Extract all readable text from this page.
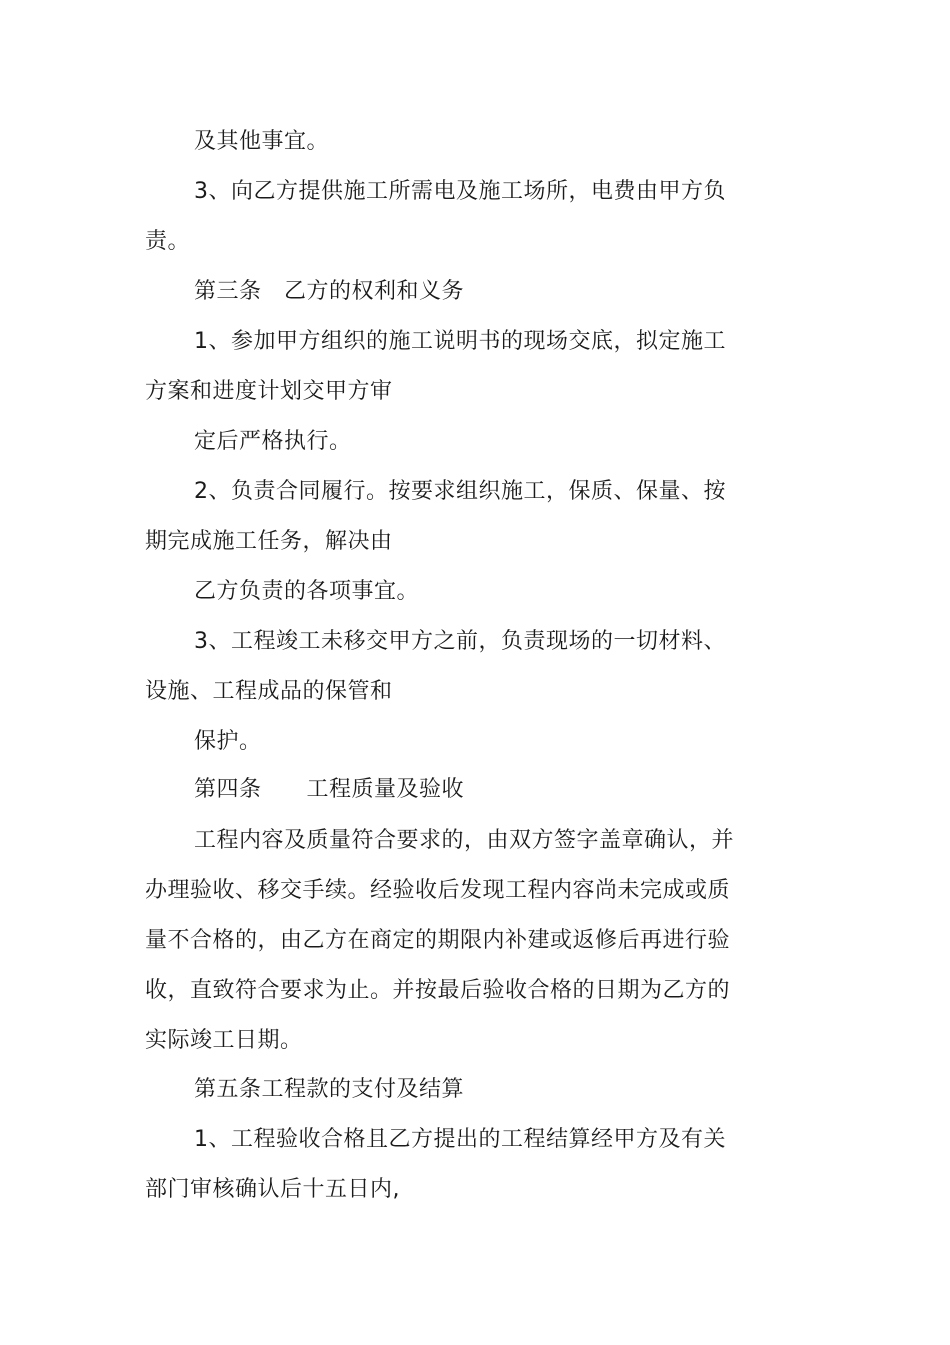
及其他事宜。
3、向乙方提供施工所需电及施工场所，电费由甲方负
责。
第三条　乙方的权利和义务
1、参加甲方组织的施工说明书的现场交底，拟定施工
方案和进度计划交甲方审
定后严格执行。
2、负责合同履行。按要求组织施工，保质、保量、按
期完成施工任务，解决由
乙方负责的各项事宜。
3、工程竣工未移交甲方之前，负责现场的一切材料、
设施、工程成品的保管和
保护。
第四条　　工程质量及验收
工程内容及质量符合要求的，由双方签字盖章确认，并
办理验收、移交手续。经验收后发现工程内容尚未完成或质
量不合格的，由乙方在商定的期限内补建或返修后再进行验
收，直致符合要求为止。并按最后验收合格的日期为乙方的
实际竣工日期。
第五条工程款的支付及结算
1、工程验收合格且乙方提出的工程结算经甲方及有关
部门审核确认后十五日内,
